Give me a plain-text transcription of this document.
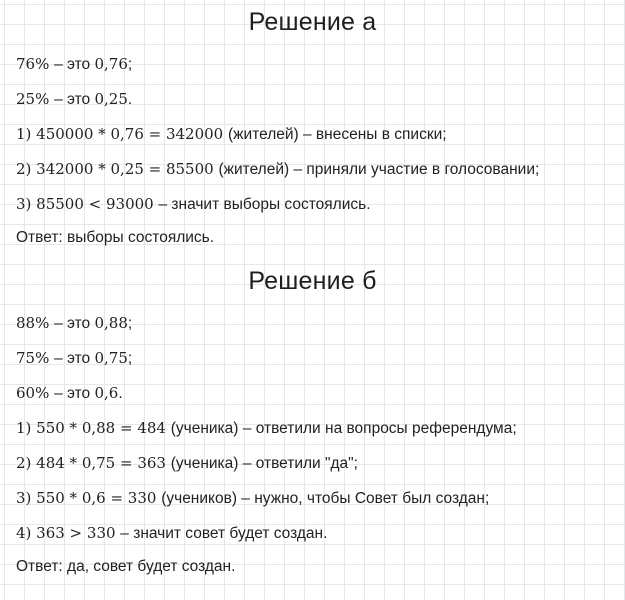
Решение а
76% – это 0,76;
25% – это 0,25.
1) 450000 * 0,76 = 342000 (жителей) – внесены в списки;
2) 342000 * 0,25 = 85500 (жителей) – приняли участие в голосовании;
3) 85500 < 93000 – значит выборы состоялись.
Ответ: выборы состоялись.
Решение б
88% – это 0,88;
75% – это 0,75;
60% – это 0,6.
1) 550 * 0,88 = 484 (ученика) – ответили на вопросы референдума;
2) 484 * 0,75 = 363 (ученика) – ответили "да";
3) 550 * 0,6 = 330 (учеников) – нужно, чтобы Совет был создан;
4) 363 > 330 – значит совет будет создан.
Ответ: да, совет будет создан.
